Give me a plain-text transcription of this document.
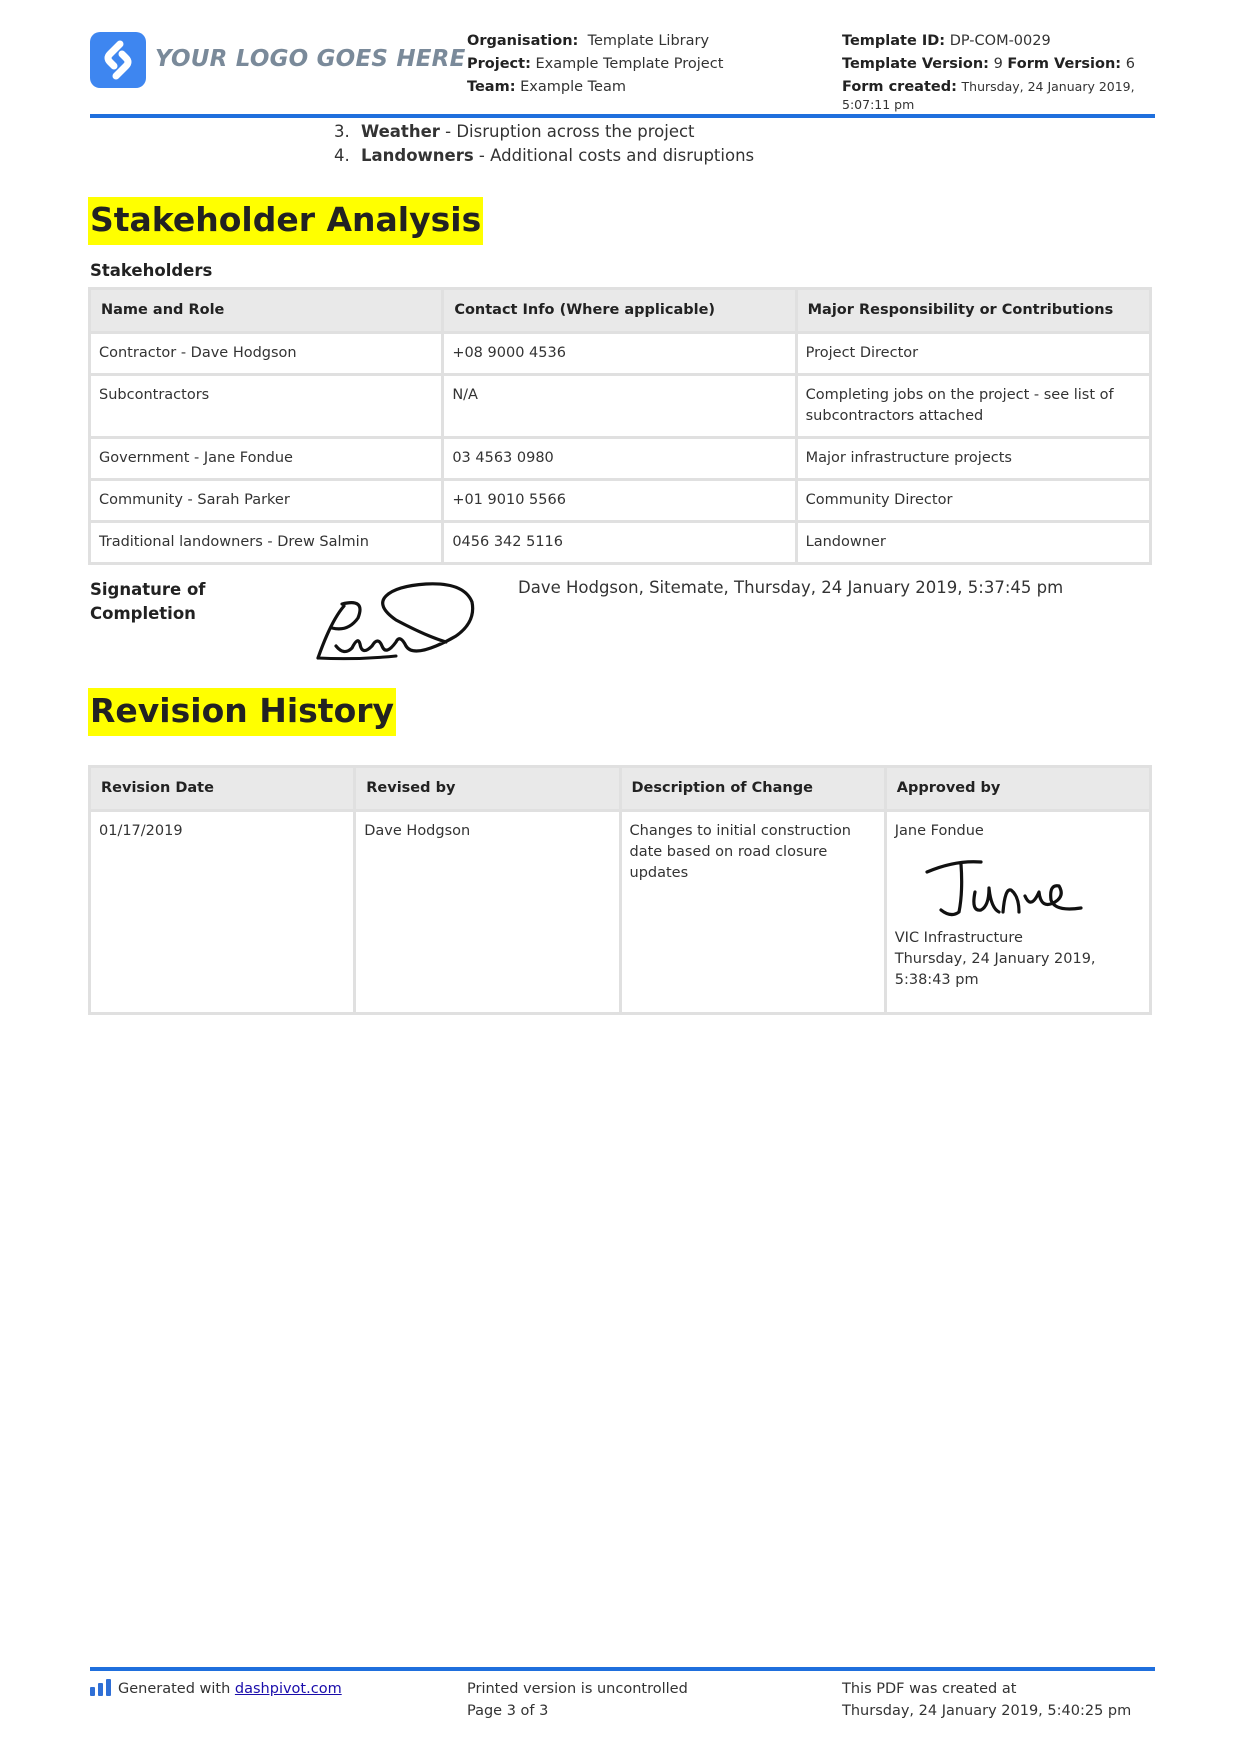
YOUR LOGO GOES HERE
Organisation: Template Library
Project: Example Template Project
Team: Example Team
Template ID: DP-COM-0029
Template Version: 9 Form Version: 6
Form created: Thursday, 24 January 2019, 5:07:11 pm
3. Weather - Disruption across the project
4. Landowners - Additional costs and disruptions
Stakeholder Analysis
Stakeholders
Name and Role	Contact Info (Where applicable)	Major Responsibility or Contributions
Contractor - Dave Hodgson	+08 9000 4536	Project Director
Subcontractors	N/A	Completing jobs on the project - see list of subcontractors attached
Government - Jane Fondue	03 4563 0980	Major infrastructure projects
Community - Sarah Parker	+01 9010 5566	Community Director
Traditional landowners - Drew Salmin	0456 342 5116	Landowner
Signature of
Completion
Dave Hodgson, Sitemate, Thursday, 24 January 2019, 5:37:45 pm
Revision History
Revision Date	Revised by	Description of Change	Approved by
01/17/2019	Dave Hodgson	Changes to initial construction date based on road closure updates	Jane Fondue
VIC Infrastructure
Thursday, 24 January 2019, 5:38:43 pm
Generated with dashpivot.com	Printed version is uncontrolled
Page 3 of 3
This PDF was created at
Thursday, 24 January 2019, 5:40:25 pm
